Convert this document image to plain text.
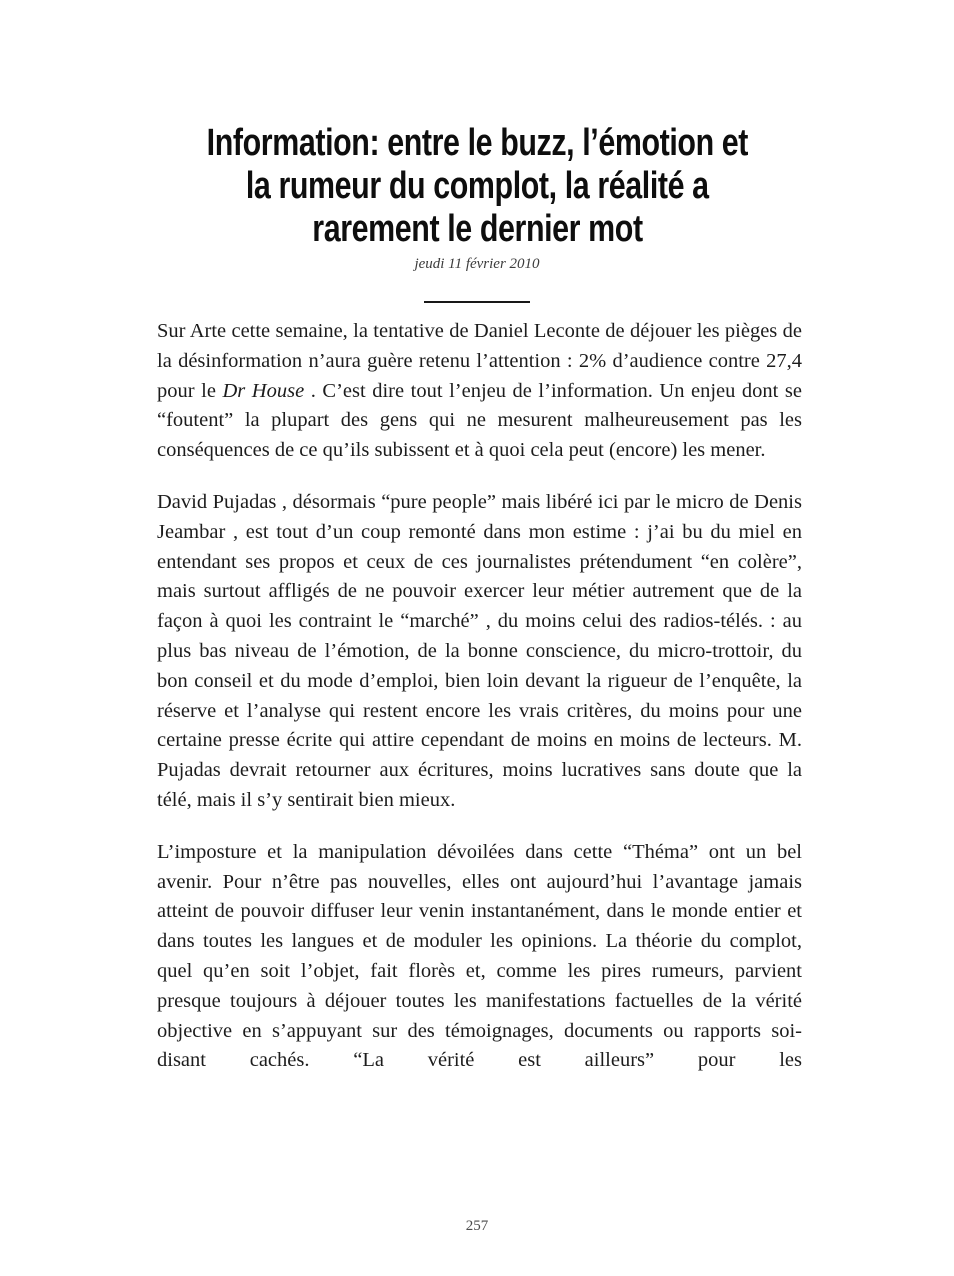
Information: entre le buzz, l’émotion et
la rumeur du complot, la réalité a
rarement le dernier mot
jeudi 11 février 2010

Sur Arte cette semaine, la tentative de Daniel Leconte de déjouer les pièges de la désinformation n’aura guère retenu l’attention : 2% d’audience contre 27,4 pour le Dr House . C’est dire tout l’enjeu de l’information. Un enjeu dont se “foutent” la plupart des gens qui ne mesurent malheureusement pas les conséquences de ce qu’ils subissent et à quoi cela peut (encore) les mener.

David Pujadas , désormais “pure people” mais libéré ici par le micro de Denis Jeambar , est tout d’un coup remonté dans mon estime : j’ai bu du miel en entendant ses propos et ceux de ces journalistes prétendument “en colère”, mais surtout affligés de ne pouvoir exercer leur métier autrement que de la façon à quoi les contraint le “marché” , du moins celui des radios-télés. : au plus bas niveau de l’émotion, de la bonne conscience, du micro-trottoir, du bon conseil et du mode d’emploi, bien loin devant la rigueur de l’enquête, la réserve et l’analyse qui restent encore les vrais critères, du moins pour une certaine presse écrite qui attire cependant de moins en moins de lecteurs. M. Pujadas devrait retourner aux écritures, moins lucratives sans doute que la télé, mais il s’y sentirait bien mieux.

L’imposture et la manipulation dévoilées dans cette “Théma” ont un bel avenir. Pour n’être pas nouvelles, elles ont aujourd’hui l’avantage jamais atteint de pouvoir diffuser leur venin instantanément, dans le monde entier et dans toutes les langues et de moduler les opinions. La théorie du complot, quel qu’en soit l’objet, fait florès et, comme les pires rumeurs, parvient presque toujours à déjouer toutes les manifestations factuelles de la vérité objective en s’appuyant sur des témoignages, documents ou rapports soi-disant cachés. “La vérité est ailleurs” pour les

257
